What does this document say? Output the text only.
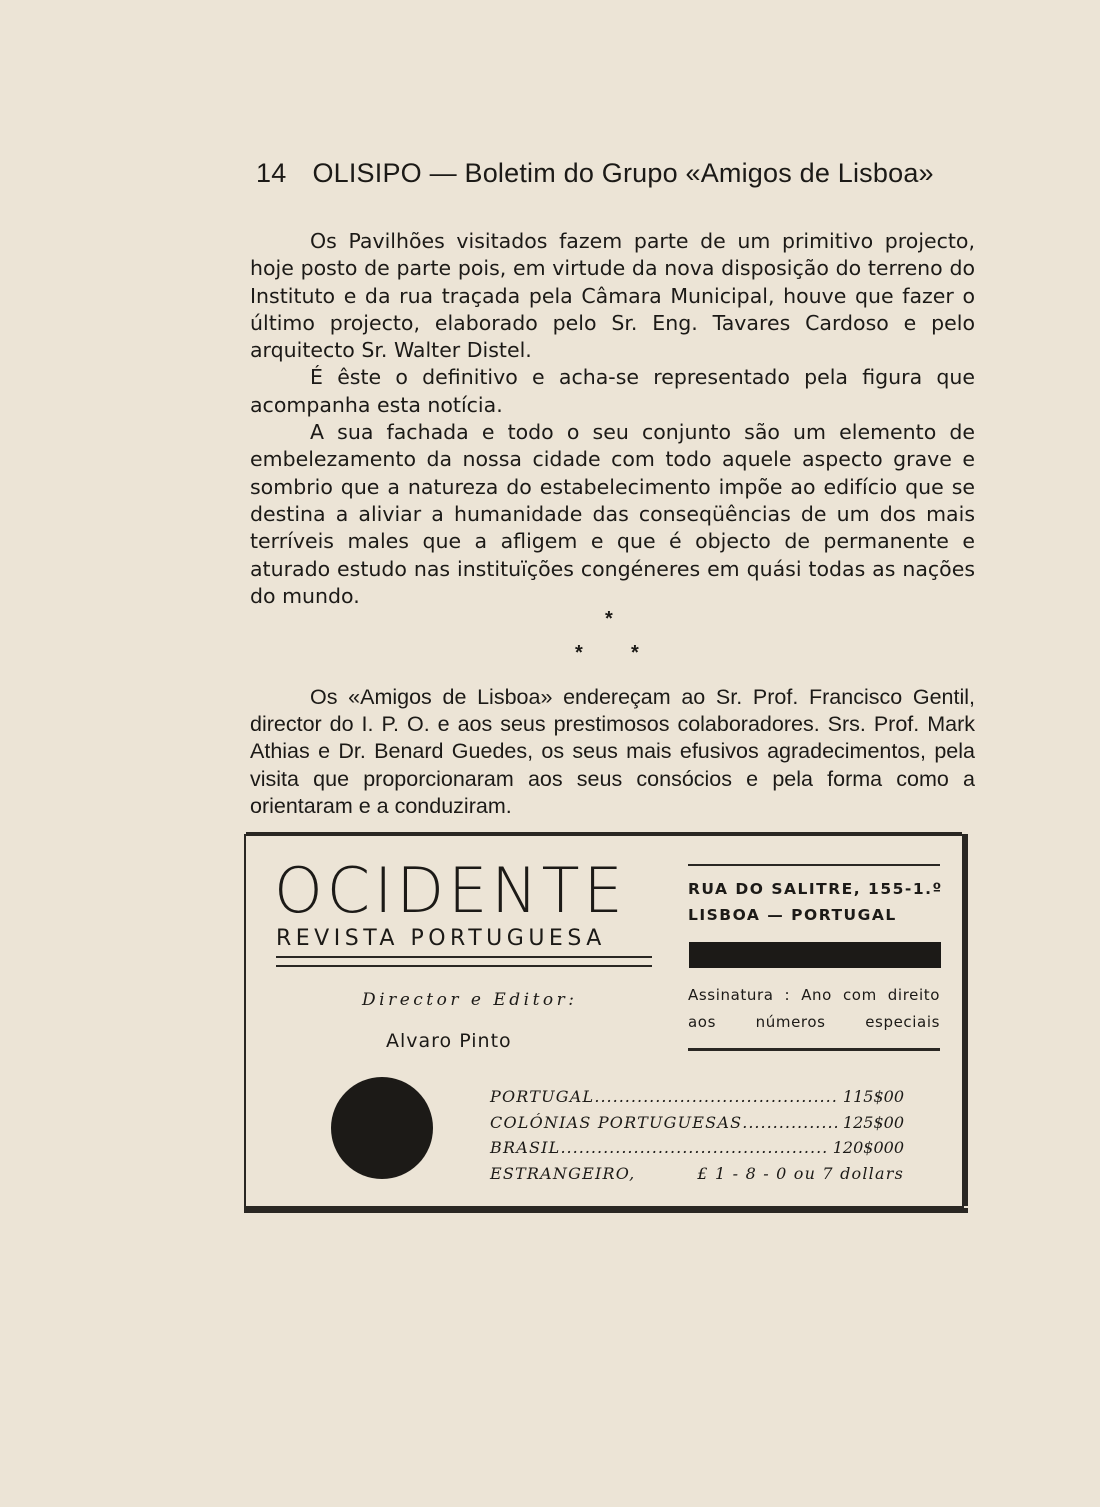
14 OLISIPO — Boletim do Grupo «Amigos de Lisboa»

Os Pavilhões visitados fazem parte de um primitivo projecto, hoje posto de parte pois, em virtude da nova disposição do terreno do Instituto e da rua traçada pela Câmara Municipal, houve que fazer o último projecto, elaborado pelo Sr. Eng. Tavares Cardoso e pelo arquitecto Sr. Walter Distel.

É êste o definitivo e acha-se representado pela figura que acompanha esta notícia.

A sua fachada e todo o seu conjunto são um elemento de embelezamento da nossa cidade com todo aquele aspecto grave e sombrio que a natureza do estabelecimento impõe ao edifício que se destina a aliviar a humanidade das conseqüências de um dos mais terríveis males que a afligem e que é objecto de permanente e aturado estudo nas instituïções congéneres em quási todas as nações do mundo.

*
* *

Os «Amigos de Lisboa» endereçam ao Sr. Prof. Francisco Gentil, director do I. P. O. e aos seus prestimosos colaboradores. Srs. Prof. Mark Athias e Dr. Benard Guedes, os seus mais efusivos agradecimentos, pela visita que proporcionaram aos seus consócios e pela forma como a orientaram e a conduziram.

OCIDENTE
REVISTA PORTUGUESA
RUA DO SALITRE, 155-1.º
LISBOA — PORTUGAL
Director e Editor:
Alvaro Pinto
Assinatura : Ano com direito
aos números especiais
PORTUGAL .....	115$00
COLÓNIAS PORTUGUESAS .....	125$00
BRASIL .....	120$000
ESTRANGEIRO,	£ 1 - 8 - 0 ou 7 dollars
